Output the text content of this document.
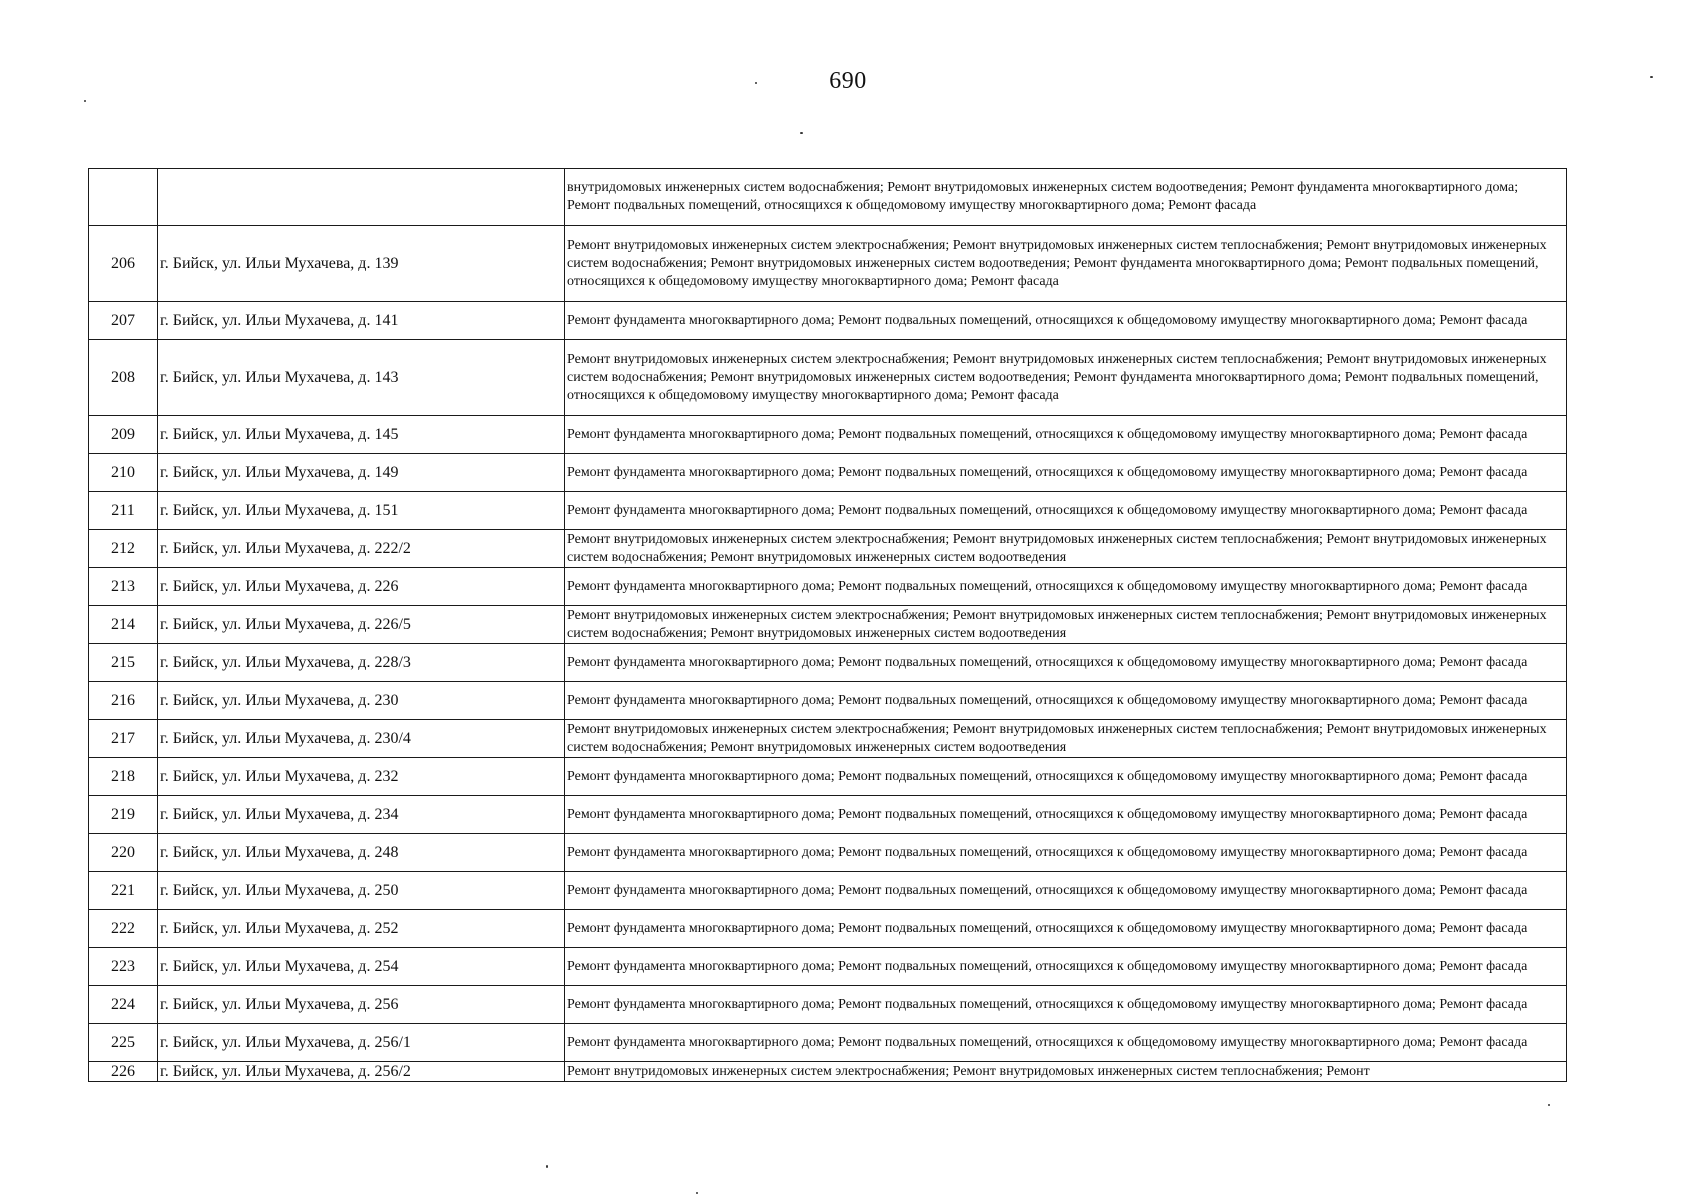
690
		внутридомовых инженерных систем водоснабжения; Ремонт внутридомовых инженерных систем водоотведения; Ремонт фундамента многоквартирного дома; Ремонт подвальных помещений, относящихся к общедомовому имуществу многоквартирного дома; Ремонт фасада
206	г. Бийск, ул. Ильи Мухачева, д. 139	Ремонт внутридомовых инженерных систем электроснабжения; Ремонт внутридомовых инженерных систем теплоснабжения; Ремонт внутридомовых инженерных систем водоснабжения; Ремонт внутридомовых инженерных систем водоотведения; Ремонт фундамента многоквартирного дома; Ремонт подвальных помещений, относящихся к общедомовому имуществу многоквартирного дома; Ремонт фасада
207	г. Бийск, ул. Ильи Мухачева, д. 141	Ремонт фундамента многоквартирного дома; Ремонт подвальных помещений, относящихся к общедомовому имуществу многоквартирного дома; Ремонт фасада
208	г. Бийск, ул. Ильи Мухачева, д. 143	Ремонт внутридомовых инженерных систем электроснабжения; Ремонт внутридомовых инженерных систем теплоснабжения; Ремонт внутридомовых инженерных систем водоснабжения; Ремонт внутридомовых инженерных систем водоотведения; Ремонт фундамента многоквартирного дома; Ремонт подвальных помещений, относящихся к общедомовому имуществу многоквартирного дома; Ремонт фасада
209	г. Бийск, ул. Ильи Мухачева, д. 145	Ремонт фундамента многоквартирного дома; Ремонт подвальных помещений, относящихся к общедомовому имуществу многоквартирного дома; Ремонт фасада
210	г. Бийск, ул. Ильи Мухачева, д. 149	Ремонт фундамента многоквартирного дома; Ремонт подвальных помещений, относящихся к общедомовому имуществу многоквартирного дома; Ремонт фасада
211	г. Бийск, ул. Ильи Мухачева, д. 151	Ремонт фундамента многоквартирного дома; Ремонт подвальных помещений, относящихся к общедомовому имуществу многоквартирного дома; Ремонт фасада
212	г. Бийск, ул. Ильи Мухачева, д. 222/2	Ремонт внутридомовых инженерных систем электроснабжения; Ремонт внутридомовых инженерных систем теплоснабжения; Ремонт внутридомовых инженерных систем водоснабжения; Ремонт внутридомовых инженерных систем водоотведения
213	г. Бийск, ул. Ильи Мухачева, д. 226	Ремонт фундамента многоквартирного дома; Ремонт подвальных помещений, относящихся к общедомовому имуществу многоквартирного дома; Ремонт фасада
214	г. Бийск, ул. Ильи Мухачева, д. 226/5	Ремонт внутридомовых инженерных систем электроснабжения; Ремонт внутридомовых инженерных систем теплоснабжения; Ремонт внутридомовых инженерных систем водоснабжения; Ремонт внутридомовых инженерных систем водоотведения
215	г. Бийск, ул. Ильи Мухачева, д. 228/3	Ремонт фундамента многоквартирного дома; Ремонт подвальных помещений, относящихся к общедомовому имуществу многоквартирного дома; Ремонт фасада
216	г. Бийск, ул. Ильи Мухачева, д. 230	Ремонт фундамента многоквартирного дома; Ремонт подвальных помещений, относящихся к общедомовому имуществу многоквартирного дома; Ремонт фасада
217	г. Бийск, ул. Ильи Мухачева, д. 230/4	Ремонт внутридомовых инженерных систем электроснабжения; Ремонт внутридомовых инженерных систем теплоснабжения; Ремонт внутридомовых инженерных систем водоснабжения; Ремонт внутридомовых инженерных систем водоотведения
218	г. Бийск, ул. Ильи Мухачева, д. 232	Ремонт фундамента многоквартирного дома; Ремонт подвальных помещений, относящихся к общедомовому имуществу многоквартирного дома; Ремонт фасада
219	г. Бийск, ул. Ильи Мухачева, д. 234	Ремонт фундамента многоквартирного дома; Ремонт подвальных помещений, относящихся к общедомовому имуществу многоквартирного дома; Ремонт фасада
220	г. Бийск, ул. Ильи Мухачева, д. 248	Ремонт фундамента многоквартирного дома; Ремонт подвальных помещений, относящихся к общедомовому имуществу многоквартирного дома; Ремонт фасада
221	г. Бийск, ул. Ильи Мухачева, д. 250	Ремонт фундамента многоквартирного дома; Ремонт подвальных помещений, относящихся к общедомовому имуществу многоквартирного дома; Ремонт фасада
222	г. Бийск, ул. Ильи Мухачева, д. 252	Ремонт фундамента многоквартирного дома; Ремонт подвальных помещений, относящихся к общедомовому имуществу многоквартирного дома; Ремонт фасада
223	г. Бийск, ул. Ильи Мухачева, д. 254	Ремонт фундамента многоквартирного дома; Ремонт подвальных помещений, относящихся к общедомовому имуществу многоквартирного дома; Ремонт фасада
224	г. Бийск, ул. Ильи Мухачева, д. 256	Ремонт фундамента многоквартирного дома; Ремонт подвальных помещений, относящихся к общедомовому имуществу многоквартирного дома; Ремонт фасада
225	г. Бийск, ул. Ильи Мухачева, д. 256/1	Ремонт фундамента многоквартирного дома; Ремонт подвальных помещений, относящихся к общедомовому имуществу многоквартирного дома; Ремонт фасада
226	г. Бийск, ул. Ильи Мухачева, д. 256/2	Ремонт внутридомовых инженерных систем электроснабжения; Ремонт внутридомовых инженерных систем теплоснабжения; Ремонт
